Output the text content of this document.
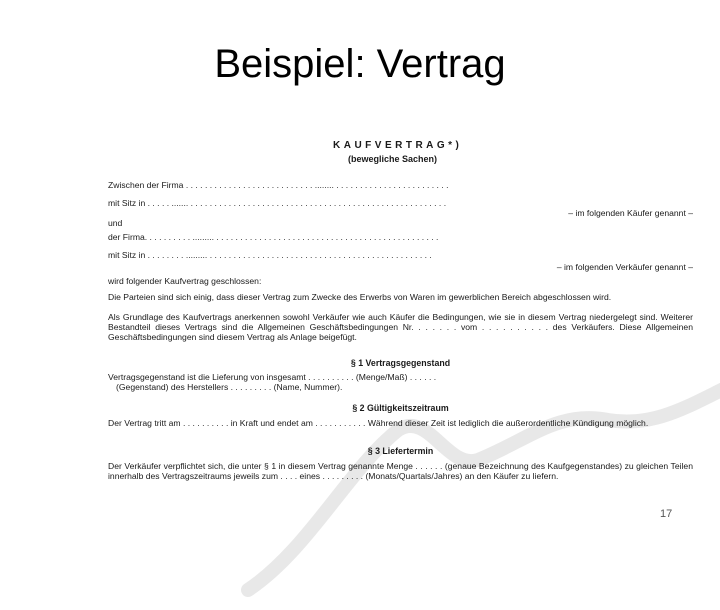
Beispiel: Vertrag
KAUFVERTRAG*)
(bewegliche Sachen)
Zwischen der Firma . . . . . . . . . . . . . . . . . . . . . . . . . . . ........ . . . . . . . . . . . . . . . . . . . . . . . .
mit Sitz in . . . . . ....... . . . . . . . . . . . . . . . . . . . . . . . . . . . . . . . . . . . . . . . . . . . . . . . . . . . . . .
– im folgenden Käufer genannt –
und
der Firma. . . . . . . . . . ......... . . . . . . . . . . . . . . . . . . . . . . . . . . . . . . . . . . . . . . . . . . . . . . .
mit Sitz in . . . . . . . . ......... . . . . . . . . . . . . . . . . . . . . . . . . . . . . . . . . . . . . . . . . . . . . . . .
– im folgenden Verkäufer genannt –
wird folgender Kaufvertrag geschlossen:
Die Parteien sind sich einig, dass dieser Vertrag zum Zwecke des Erwerbs von Waren im gewerblichen Bereich abgeschlossen wird.
Als Grundlage des Kaufvertrags anerkennen sowohl Verkäufer wie auch Käufer die Bedingungen, wie sie in diesem Vertrag niedergelegt sind. Weiterer Bestandteil dieses Vertrags sind die Allgemeinen Geschäftsbedingungen Nr. . . . . . . vom . . . . . . . . . . des Verkäufers. Diese Allgemeinen Geschäftsbedingungen sind diesem Vertrag als Anlage beigefügt.
§ 1 Vertragsgegenstand
Vertragsgegenstand ist die Lieferung von insgesamt . . . . . . . . . . (Menge/Maß) . . . . . .
(Gegenstand) des Herstellers . . . . . . . . . (Name, Nummer).
§ 2 Gültigkeitszeitraum
Der Vertrag tritt am . . . . . . . . . . in Kraft und endet am . . . . . . . . . . . Während dieser Zeit ist lediglich die außerordentliche Kündigung möglich.
§ 3 Liefertermin
Der Verkäufer verpflichtet sich, die unter § 1 in diesem Vertrag genannte Menge . . . . . . (genaue Bezeichnung des Kaufgegenstandes) zu gleichen Teilen innerhalb des Vertragszeitraums jeweils zum . . . . eines . . . . . . . . . (Monats/Quartals/Jahres) an den Käufer zu liefern.
17
